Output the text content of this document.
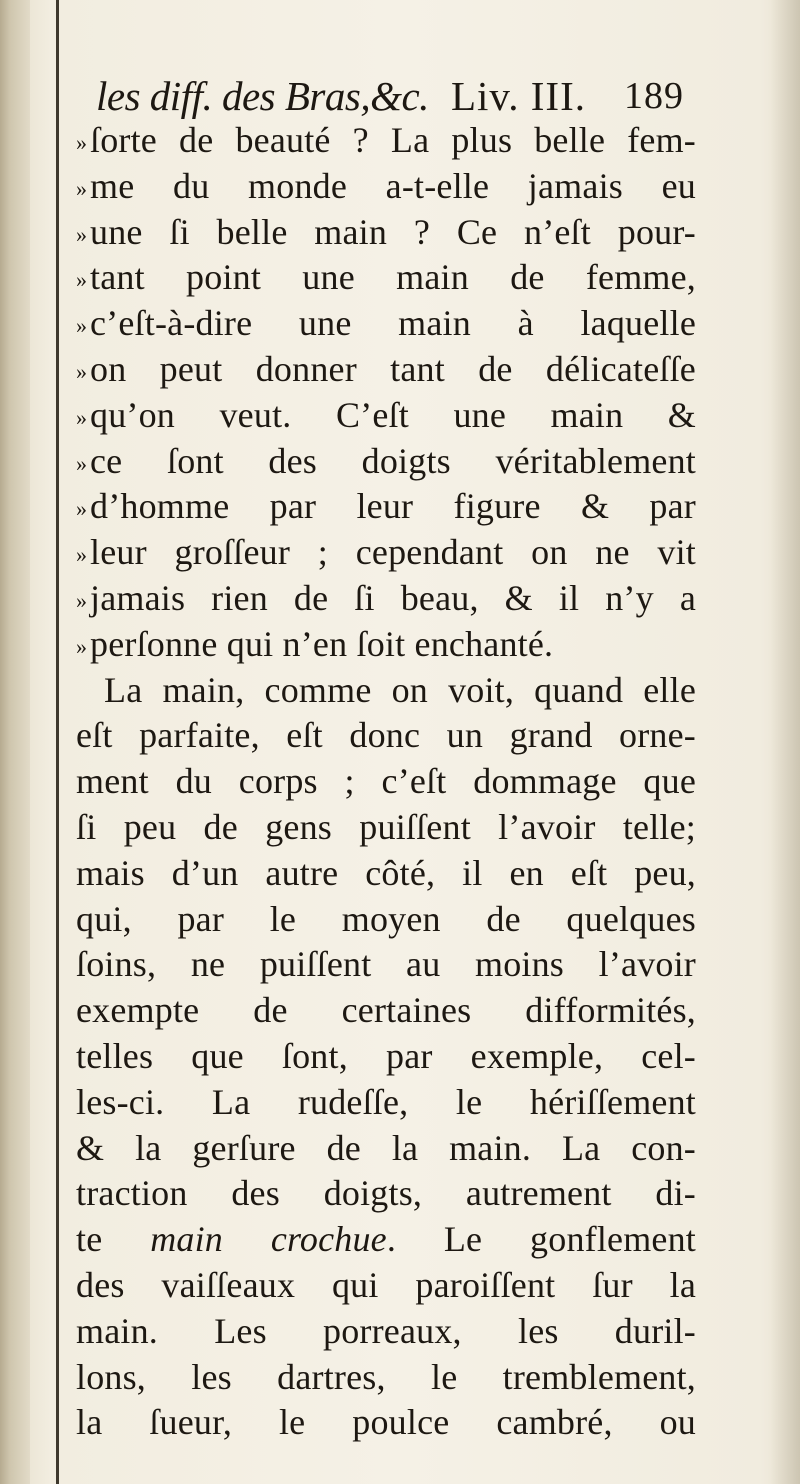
les diff. des Bras,&c. Liv. III. 189
»ſorte de beauté ? La plus belle fem-
»me du monde a-t-elle jamais eu
»une ſi belle main ? Ce n’eſt pour-
»tant point une main de femme,
»c’eſt-à-dire une main à laquelle
»on peut donner tant de délicateſſe
»qu’on veut. C’eſt une main &
»ce ſont des doigts véritablement
»d’homme par leur figure & par
»leur groſſeur ; cependant on ne vit
»jamais rien de ſi beau, & il n’y a
»perſonne qui n’en ſoit enchanté.
La main, comme on voit, quand elle
eſt parfaite, eſt donc un grand orne-
ment du corps ; c’eſt dommage que
ſi peu de gens puiſſent l’avoir telle;
mais d’un autre côté, il en eſt peu,
qui, par le moyen de quelques
ſoins, ne puiſſent au moins l’avoir
exempte de certaines difformités,
telles que ſont, par exemple, cel-
les-ci. La rudeſſe, le hériſſement
& la gerſure de la main. La con-
traction des doigts, autrement di-
te main crochue. Le gonflement
des vaiſſeaux qui paroiſſent ſur la
main. Les porreaux, les duril-
lons, les dartres, le tremblement,
la ſueur, le poulce cambré, ou
